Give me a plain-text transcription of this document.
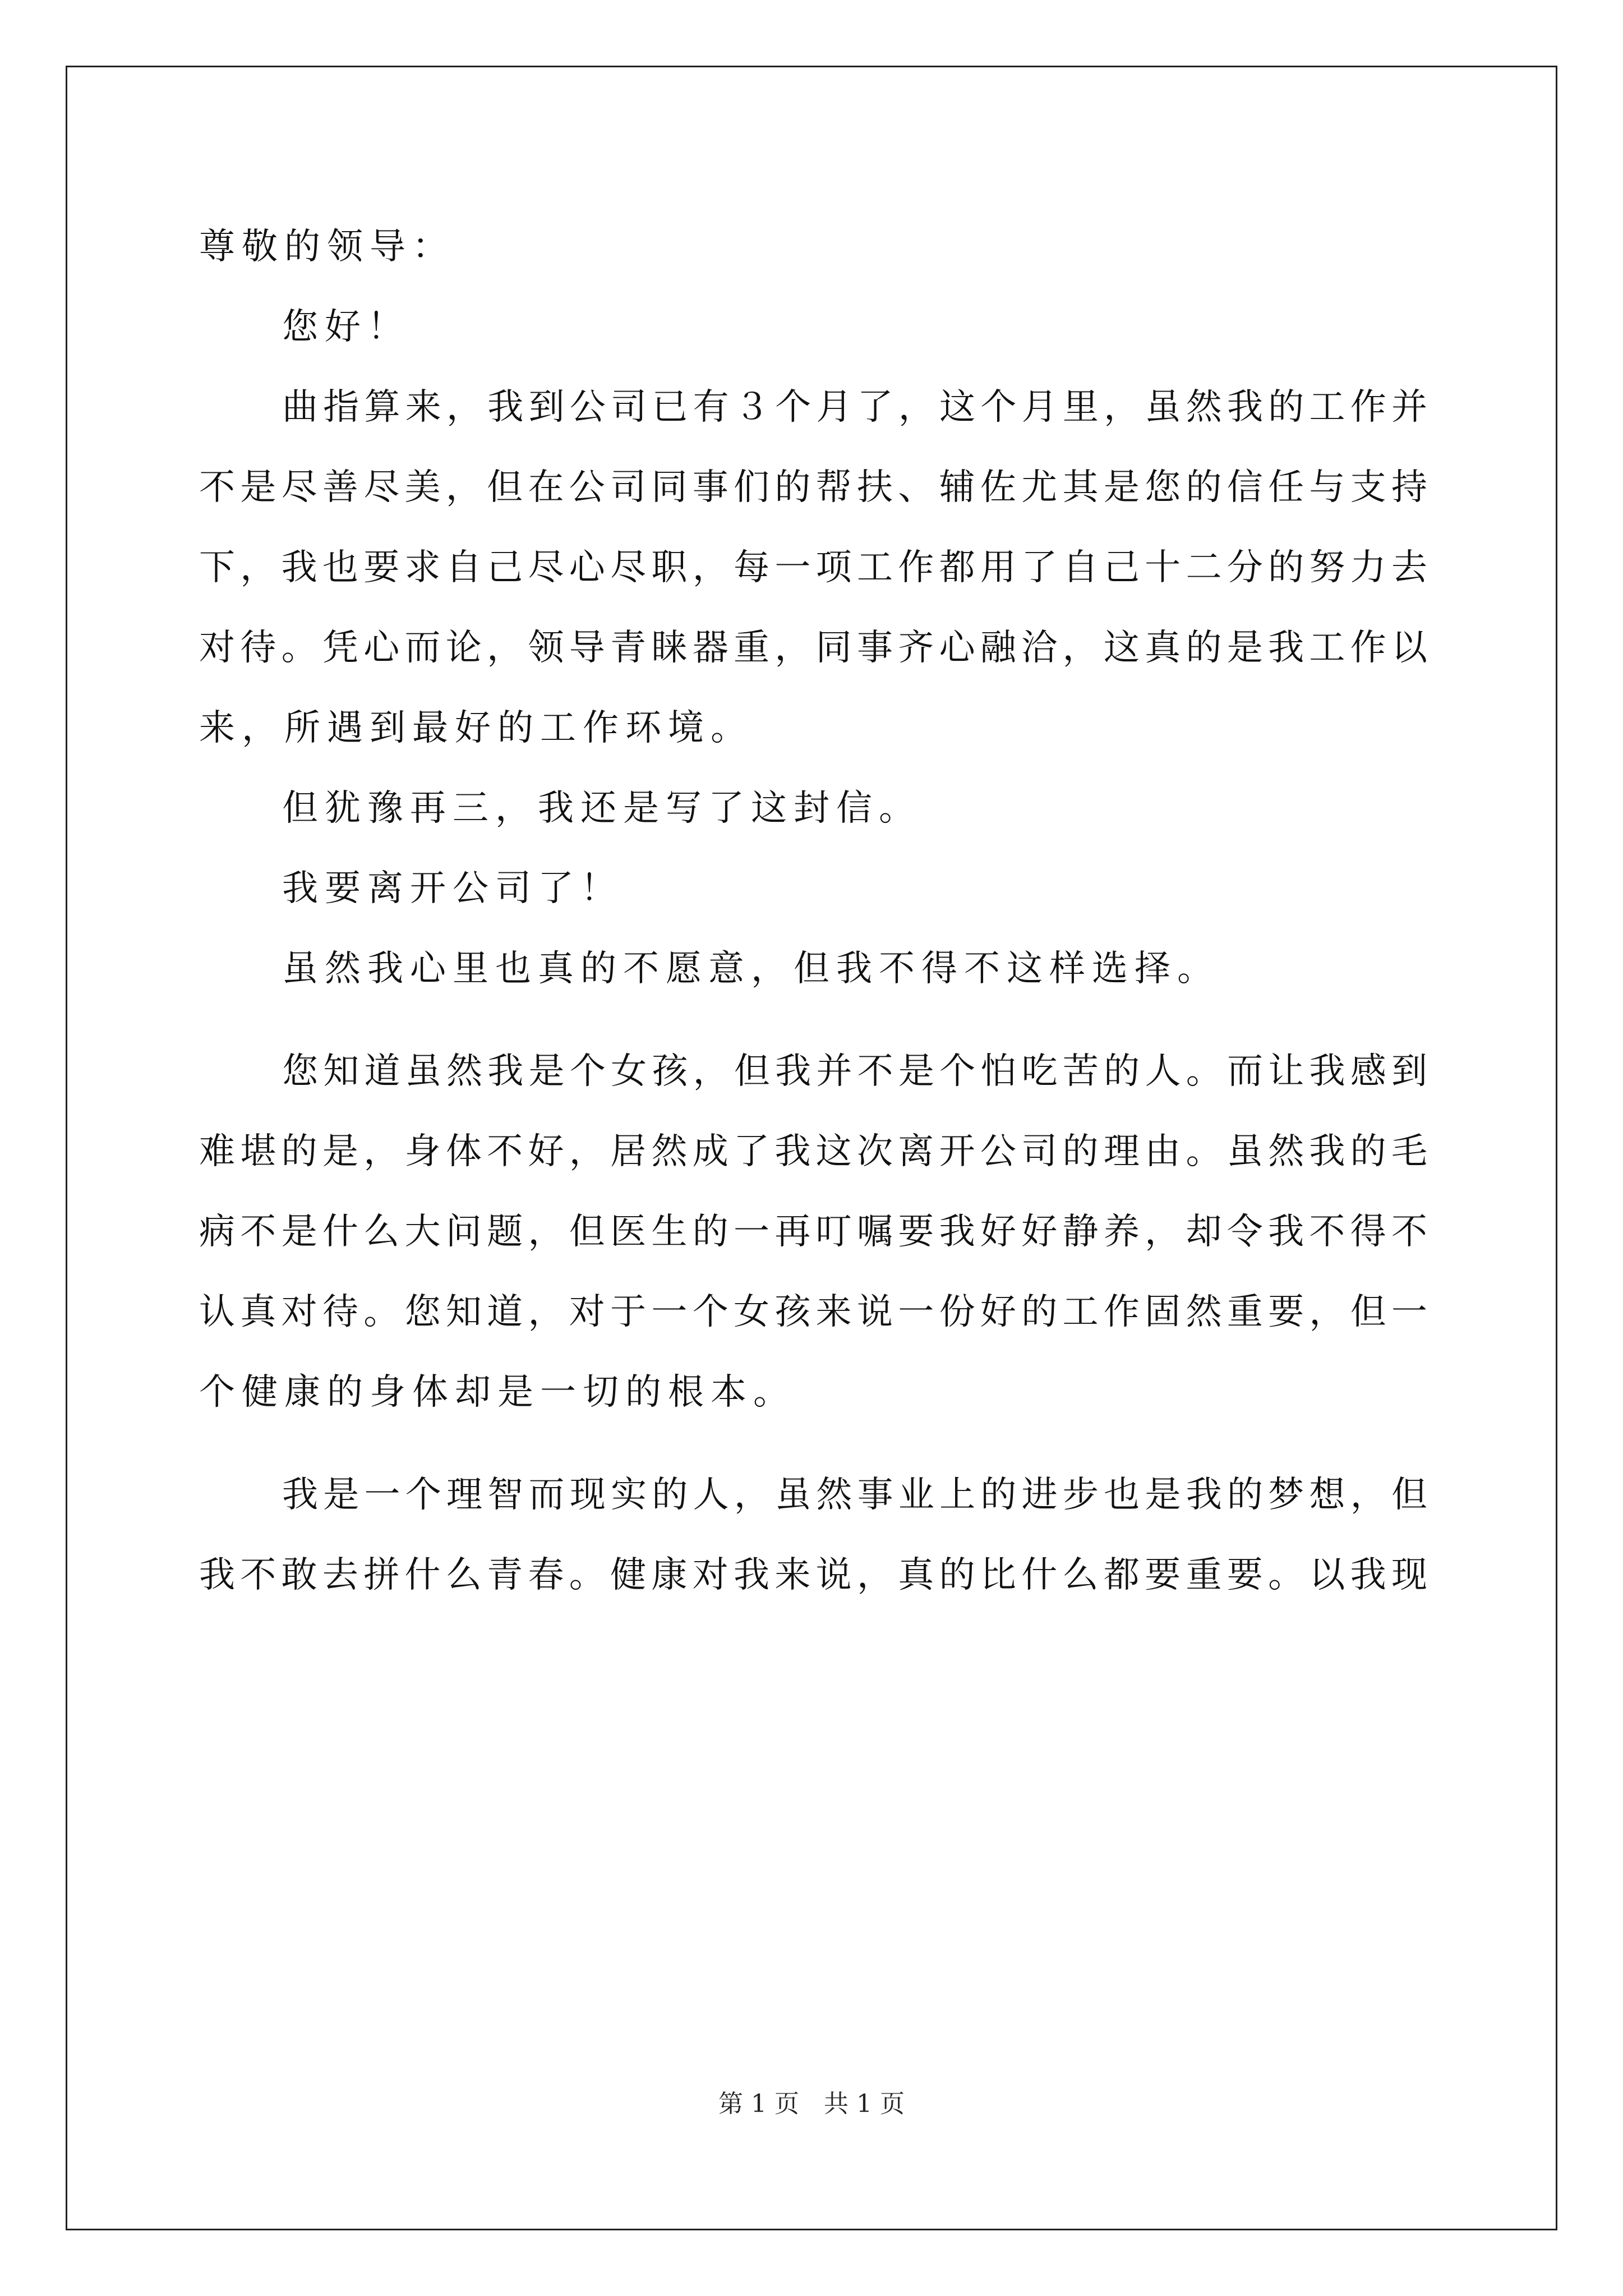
尊敬的领导：
您好！
曲指算来，我到公司已有３个月了，这个月里，虽然我的工作并
不是尽善尽美，但在公司同事们的帮扶、辅佐尤其是您的信任与支持
下，我也要求自己尽心尽职，每一项工作都用了自己十二分的努力去
对待。凭心而论，领导青睐器重，同事齐心融洽，这真的是我工作以
来，所遇到最好的工作环境。
但犹豫再三，我还是写了这封信。
我要离开公司了！
虽然我心里也真的不愿意，但我不得不这样选择。
您知道虽然我是个女孩，但我并不是个怕吃苦的人。而让我感到
难堪的是，身体不好，居然成了我这次离开公司的理由。虽然我的毛
病不是什么大问题，但医生的一再叮嘱要我好好静养，却令我不得不
认真对待。您知道，对于一个女孩来说一份好的工作固然重要，但一
个健康的身体却是一切的根本。
我是一个理智而现实的人，虽然事业上的进步也是我的梦想，但
我不敢去拼什么青春。健康对我来说，真的比什么都要重要。以我现
第 1 页　共 1 页
